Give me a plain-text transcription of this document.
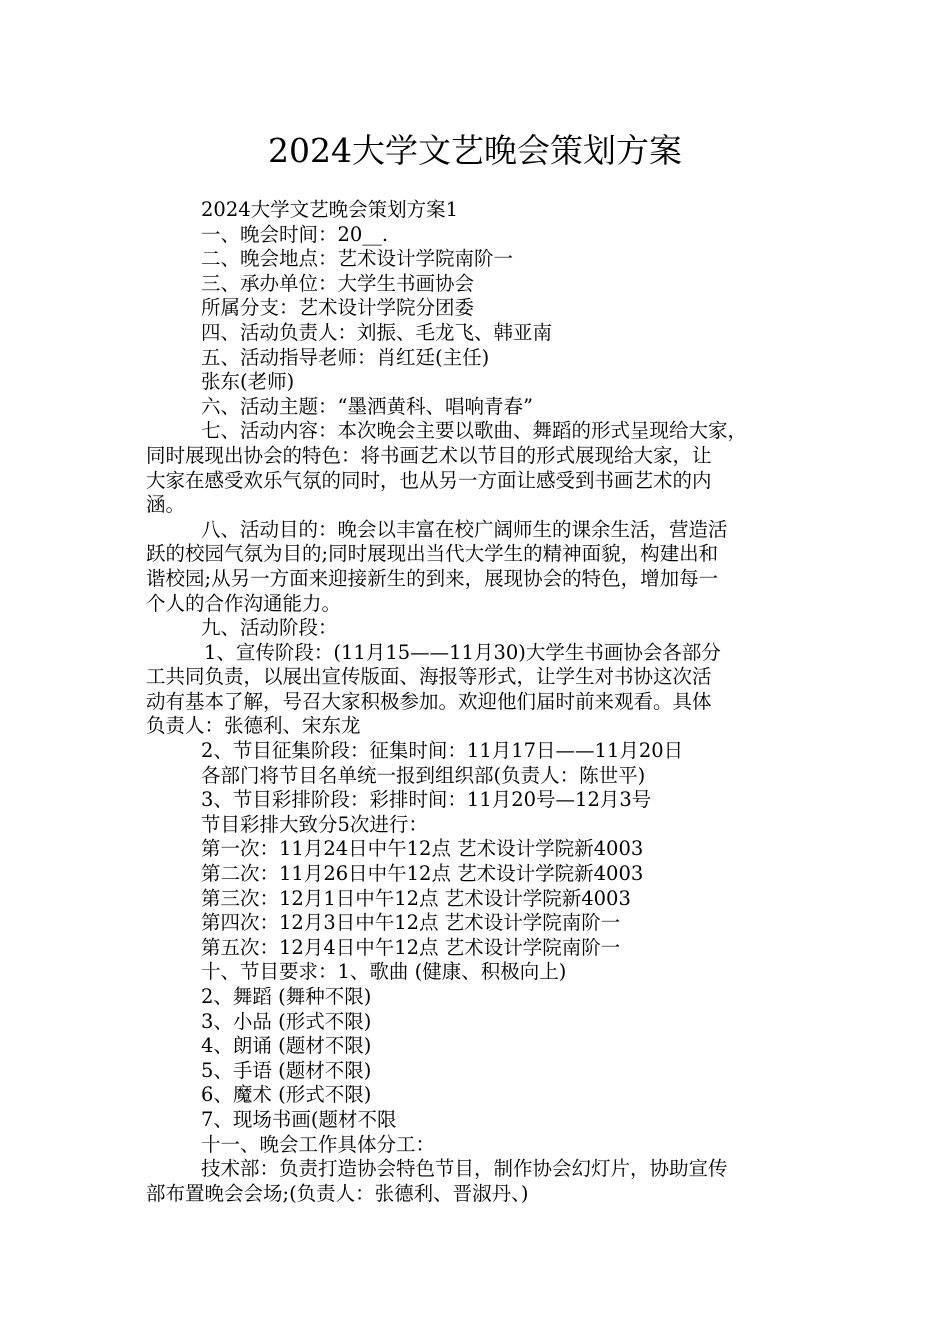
2024大学文艺晚会策划方案
2024大学文艺晚会策划方案1
一、晚会时间：20__.
二、晚会地点：艺术设计学院南阶一
三、承办单位：大学生书画协会
所属分支：艺术设计学院分团委
四、活动负责人：刘振、毛龙飞、韩亚南
五、活动指导老师：肖红廷(主任)
张东(老师)
六、活动主题：“墨洒黄科、唱响青春”
七、活动内容：本次晚会主要以歌曲、舞蹈的形式呈现给大家，
同时展现出协会的特色：将书画艺术以节目的形式展现给大家，让
大家在感受欢乐气氛的同时，也从另一方面让感受到书画艺术的内
涵。
八、活动目的：晚会以丰富在校广阔师生的课余生活，营造活
跃的校园气氛为目的;同时展现出当代大学生的精神面貌，构建出和
谐校园;从另一方面来迎接新生的到来，展现协会的特色，增加每一
个人的合作沟通能力。
九、活动阶段：
1、宣传阶段：(11月15——11月30)大学生书画协会各部分
工共同负责，以展出宣传版面、海报等形式，让学生对书协这次活
动有基本了解，号召大家积极参加。欢迎他们届时前来观看。具体
负责人：张德利、宋东龙
2、节目征集阶段：征集时间：11月17日——11月20日
各部门将节目名单统一报到组织部(负责人：陈世平)
3、节目彩排阶段：彩排时间：11月20号—12月3号
节目彩排大致分5次进行：
第一次：11月24日中午12点 艺术设计学院新4003
第二次：11月26日中午12点 艺术设计学院新4003
第三次：12月1日中午12点 艺术设计学院新4003
第四次：12月3日中午12点 艺术设计学院南阶一
第五次：12月4日中午12点 艺术设计学院南阶一
十、节目要求：1、歌曲 (健康、积极向上)
2、舞蹈 (舞种不限)
3、小品 (形式不限)
4、朗诵 (题材不限)
5、手语 (题材不限)
6、魔术 (形式不限)
7、现场书画(题材不限
十一、晚会工作具体分工：
技术部：负责打造协会特色节目，制作协会幻灯片，协助宣传
部布置晚会会场;(负责人：张德利、晋淑丹、)
